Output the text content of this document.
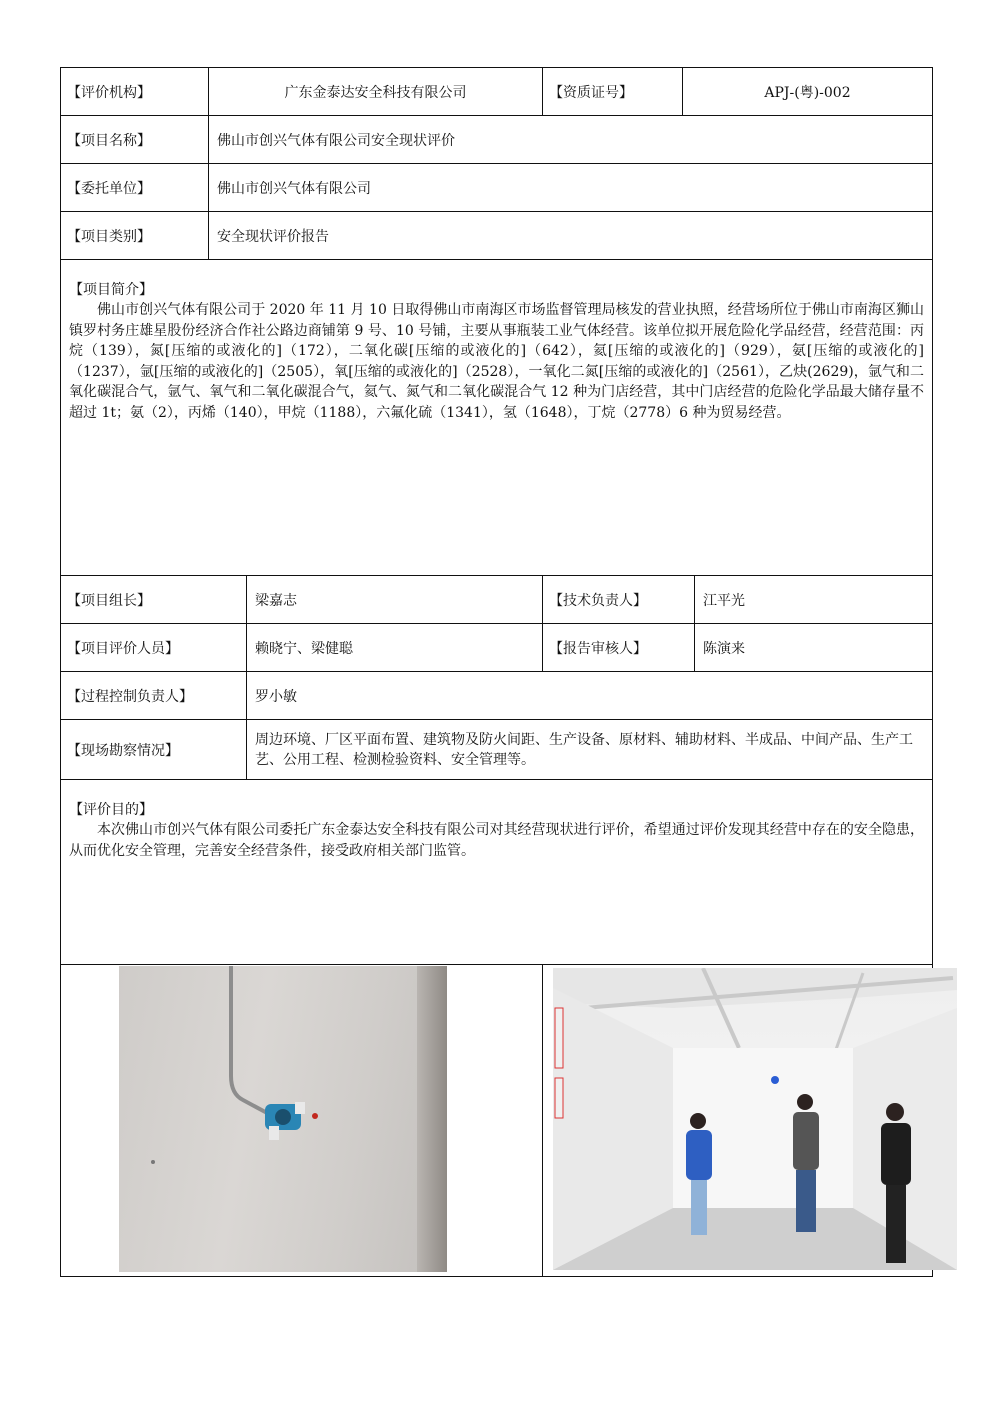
【评价机构】	广东金泰达安全科技有限公司		【资质证号】	APJ-(粤)-002	
【项目名称】	佛山市创兴气体有限公司安全现状评价				
【委托单位】	佛山市创兴气体有限公司				
【项目类别】	安全现状评价报告				

【项目简介】
佛山市创兴气体有限公司于 2020 年 11 月 10 日取得佛山市南海区市场监督管理局核发的营业执照，经营场所位于佛山市南海区狮山镇罗村务庄雄星股份经济合作社公路边商铺第 9 号、10 号铺，主要从事瓶装工业气体经营。该单位拟开展危险化学品经营，经营范围：丙烷（139），氮[压缩的或液化的]（172），二氧化碳[压缩的或液化的]（642），氦[压缩的或液化的]（929），氨[压缩的或液化的]（1237），氩[压缩的或液化的]（2505），氧[压缩的或液化的]（2528），一氧化二氮[压缩的或液化的]（2561），乙炔(2629)，氩气和二氧化碳混合气，氩气、氧气和二氧化碳混合气，氦气、氮气和二氧化碳混合气 12 种为门店经营，其中门店经营的危险化学品最大储存量不超过 1t；氨（2），丙烯（140），甲烷（1188），六氟化硫（1341），氢（1648），丁烷（2778）6 种为贸易经营。					

【项目组长】		梁嘉志	【技术负责人】		江平光
【项目评价人员】		赖晓宁、梁健聪	【报告审核人】		陈演来
【过程控制负责人】		罗小敏			
【现场勘察情况】		周边环境、厂区平面布置、建筑物及防火间距、生产设备、原材料、辅助材料、半成品、中间产品、生产工艺、公用工程、检测检验资料、安全管理等。			

【评价目的】
本次佛山市创兴气体有限公司委托广东金泰达安全科技有限公司对其经营现状进行评价，希望通过评价发现其经营中存在的安全隐患，从而优化安全管理，完善安全经营条件，接受政府相关部门监管。					
